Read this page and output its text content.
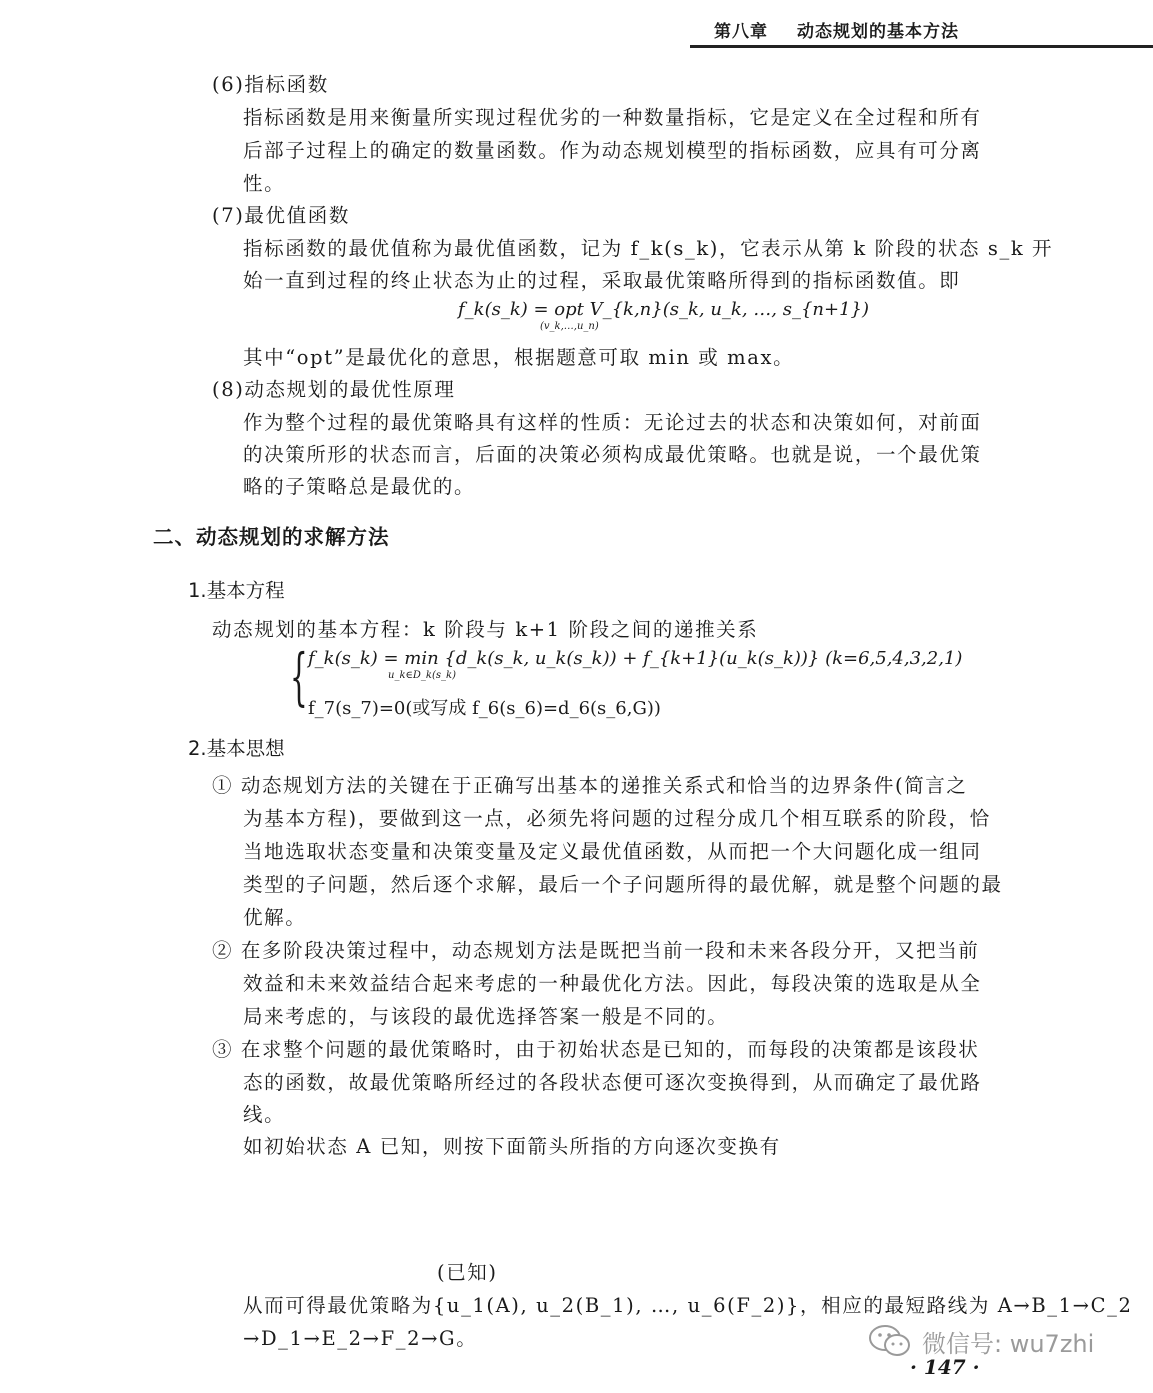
第八章 动态规划的基本方法
(6)指标函数
指标函数是用来衡量所实现过程优劣的一种数量指标，它是定义在全过程和所有
后部子过程上的确定的数量函数。作为动态规划模型的指标函数，应具有可分离
性。
(7)最优值函数
指标函数的最优值称为最优值函数，记为 f_k(s_k)，它表示从第 k 阶段的状态 s_k 开
始一直到过程的终止状态为止的过程，采取最优策略所得到的指标函数值。即
f_k(s_k) = opt V_{k,n}(s_k, u_k, …, s_{n+1})
(v_k,…,u_n)
其中“opt”是最优化的意思，根据题意可取 min 或 max。
(8)动态规划的最优性原理
作为整个过程的最优策略具有这样的性质：无论过去的状态和决策如何，对前面
的决策所形的状态而言，后面的决策必须构成最优策略。也就是说，一个最优策
略的子策略总是最优的。
二、动态规划的求解方法
1.基本方程
动态规划的基本方程：k 阶段与 k+1 阶段之间的递推关系
{ f_k(s_k) = min {d_k(s_k, u_k(s_k)) + f_{k+1}(u_k(s_k))} (k=6,5,4,3,2,1)
u_k∈D_k(s_k)
f_7(s_7)=0(或写成 f_6(s_6)=d_6(s_6,G))
2.基本思想
① 动态规划方法的关键在于正确写出基本的递推关系式和恰当的边界条件(简言之
为基本方程)，要做到这一点，必须先将问题的过程分成几个相互联系的阶段，恰
当地选取状态变量和决策变量及定义最优值函数，从而把一个大问题化成一组同
类型的子问题，然后逐个求解，最后一个子问题所得的最优解，就是整个问题的最
优解。
② 在多阶段决策过程中，动态规划方法是既把当前一段和未来各段分开，又把当前
效益和未来效益结合起来考虑的一种最优化方法。因此，每段决策的选取是从全
局来考虑的，与该段的最优选择答案一般是不同的。
③ 在求整个问题的最优策略时，由于初始状态是已知的，而每段的决策都是该段状
态的函数，故最优策略所经过的各段状态便可逐次变换得到，从而确定了最优路
线。
如初始状态 A 已知，则按下面箭头所指的方向逐次变换有
(已知)
从而可得最优策略为{u_1(A), u_2(B_1), …, u_6(F_2)}，相应的最短路线为 A→B_1→C_2
→D_1→E_2→F_2→G。	微信号: wu7zhi
· 147 ·
